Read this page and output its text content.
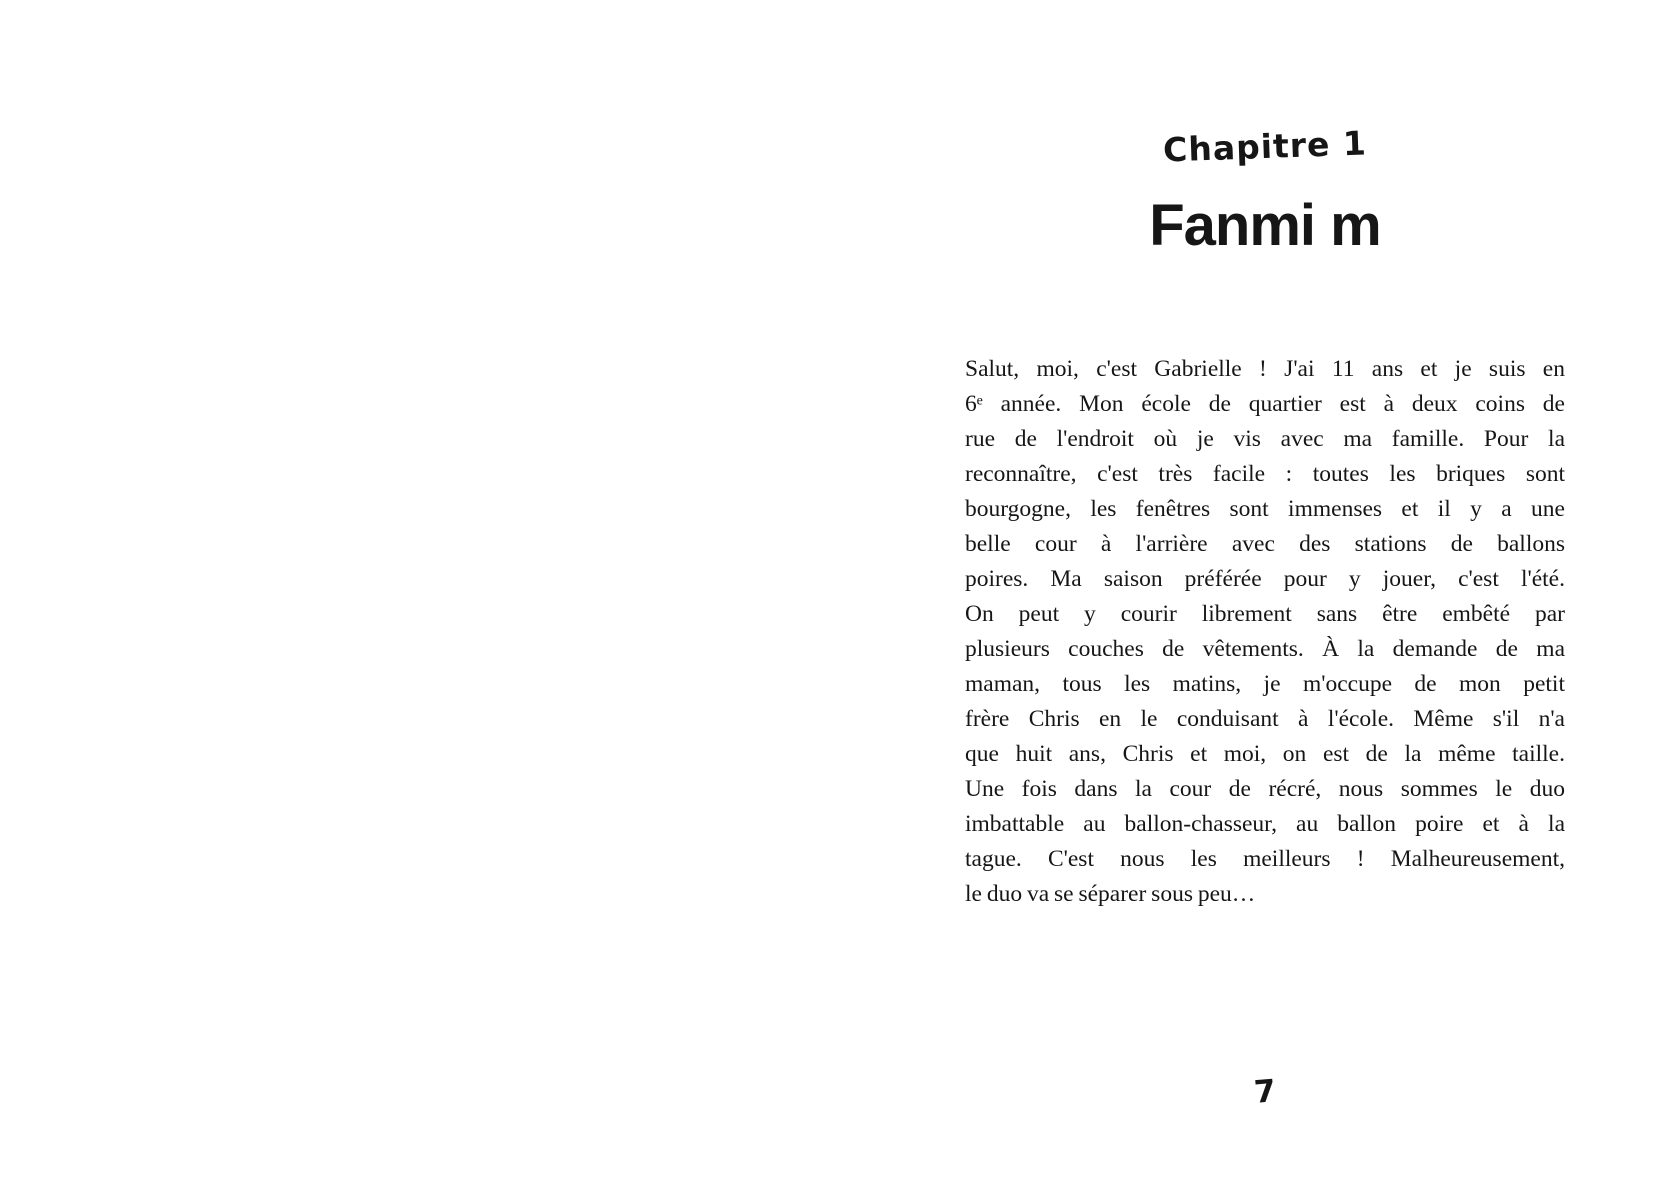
Chapitre 1
Fanmi m
Salut, moi, c'est Gabrielle ! J'ai 11 ans et je suis en
6ᵉ année. Mon école de quartier est à deux coins de
rue de l'endroit où je vis avec ma famille. Pour la
reconnaître, c'est très facile : toutes les briques sont
bourgogne, les fenêtres sont immenses et il y a une
belle cour à l'arrière avec des stations de ballons
poires. Ma saison préférée pour y jouer, c'est l'été.
On peut y courir librement sans être embêté par
plusieurs couches de vêtements. À la demande de ma
maman, tous les matins, je m'occupe de mon petit
frère Chris en le conduisant à l'école. Même s'il n'a
que huit ans, Chris et moi, on est de la même taille.
Une fois dans la cour de récré, nous sommes le duo
imbattable au ballon-chasseur, au ballon poire et à la
tague. C'est nous les meilleurs ! Malheureusement,
le duo va se séparer sous peu…
7
